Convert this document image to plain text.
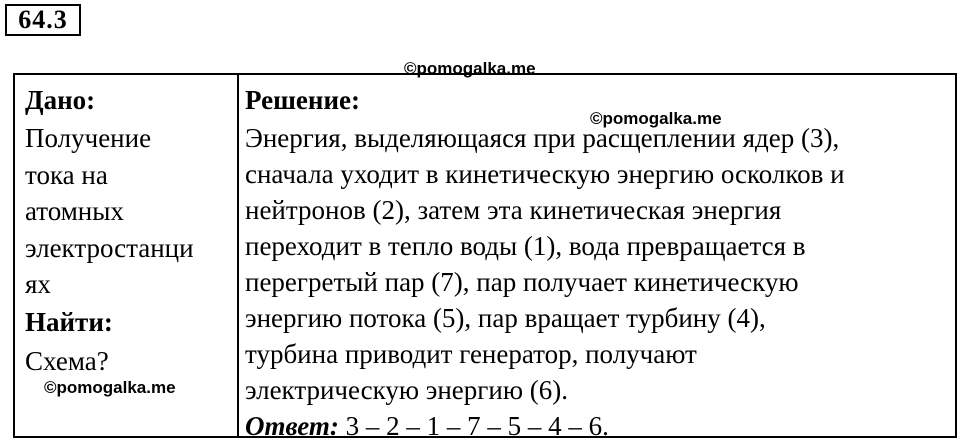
64.3

Дано:

Получение
тока на
атомных
электростанци
ях

Найти:

Схема?

Решение:

Энергия, выделяющаяся при расщеплении ядер (3),
сначала уходит в кинетическую энергию осколков и
нейтронов (2), затем эта кинетическая энергия
переходит в тепло воды (1), вода превращается в
перегретый пар (7), пар получает кинетическую
энергию потока (5), пар вращает турбину (4),
турбина приводит генератор, получают
электрическую энергию (6).
Ответ: 3 – 2 – 1 – 7 – 5 – 4 – 6.
©pomogalka.me
©pomogalka.me
©pomogalka.me
